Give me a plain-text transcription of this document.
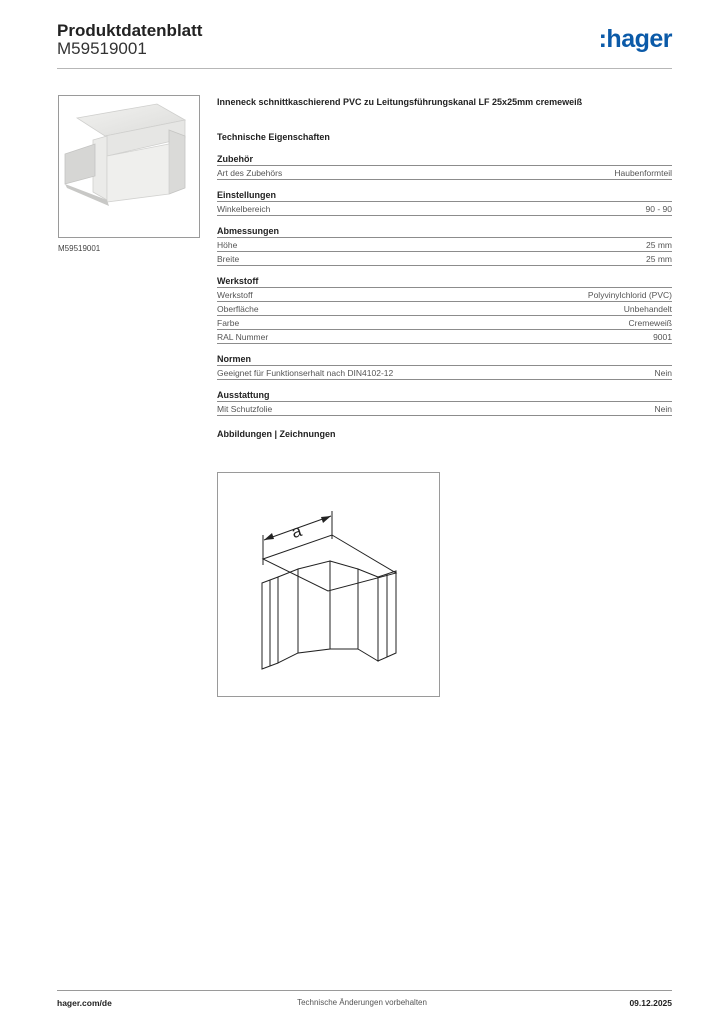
Produktdatenblatt
M59519001	:hager
M59519001
Inneneck schnittkaschierend PVC zu Leitungsführungskanal LF 25x25mm cremeweiß
Technische Eigenschaften
Zubehör
Art des Zubehörs	Haubenformteil
Einstellungen
Winkelbereich	90 - 90
Abmessungen
Höhe	25 mm
Breite	25 mm
Werkstoff
Werkstoff	Polyvinylchlorid (PVC)
Oberfläche	Unbehandelt
Farbe	Cremeweiß
RAL Nummer	9001
Normen
Geeignet für Funktionserhalt nach DIN4102-12	Nein
Ausstattung
Mit Schutzfolie	Nein
Abbildungen | Zeichnungen
a
hager.com/de	Technische Änderungen vorbehalten	09.12.2025
